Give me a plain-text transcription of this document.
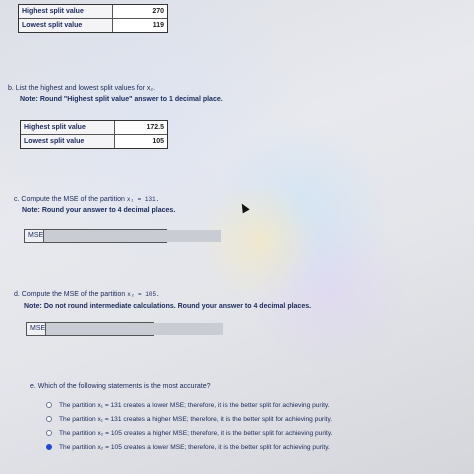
Highest split value	270
Lowest split value	119
b. List the highest and lowest split values for x₂.
Note: Round "Highest split value" answer to 1 decimal place.
Highest split value	172.5
Lowest split value	105
c. Compute the MSE of the partition x₁ = 131.
Note: Round your answer to 4 decimal places.
MSE
d. Compute the MSE of the partition x₂ = 105.
Note: Do not round intermediate calculations. Round your answer to 4 decimal places.
MSE
e. Which of the following statements is the most accurate?
The partition x₁ = 131 creates a lower MSE; therefore, it is the better split for achieving purity.
The partition x₁ = 131 creates a higher MSE; therefore, it is the better split for achieving purity.
The partition x₂ = 105 creates a higher MSE; therefore, it is the better split for achieving purity.
The partition x₂ = 105 creates a lower MSE; therefore, it is the better split for achieving purity.
